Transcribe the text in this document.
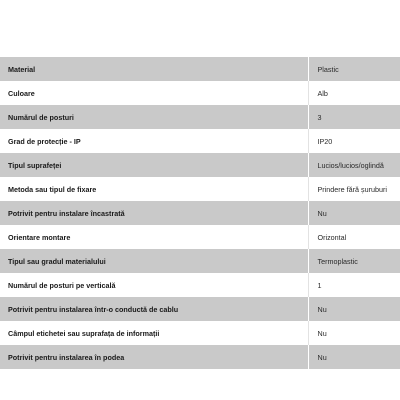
Material	Plastic
Culoare	Alb
Numărul de posturi	3
Grad de protecție - IP	IP20
Tipul suprafeței	Lucios/lucios/oglindă
Metoda sau tipul de fixare	Prindere fără șuruburi
Potrivit pentru instalare încastrată	Nu
Orientare montare	Orizontal
Tipul sau gradul materialului	Termoplastic
Numărul de posturi pe verticală	1
Potrivit pentru instalarea într-o conductă de cablu	Nu
Câmpul etichetei sau suprafața de informații	Nu
Potrivit pentru instalarea în podea	Nu
